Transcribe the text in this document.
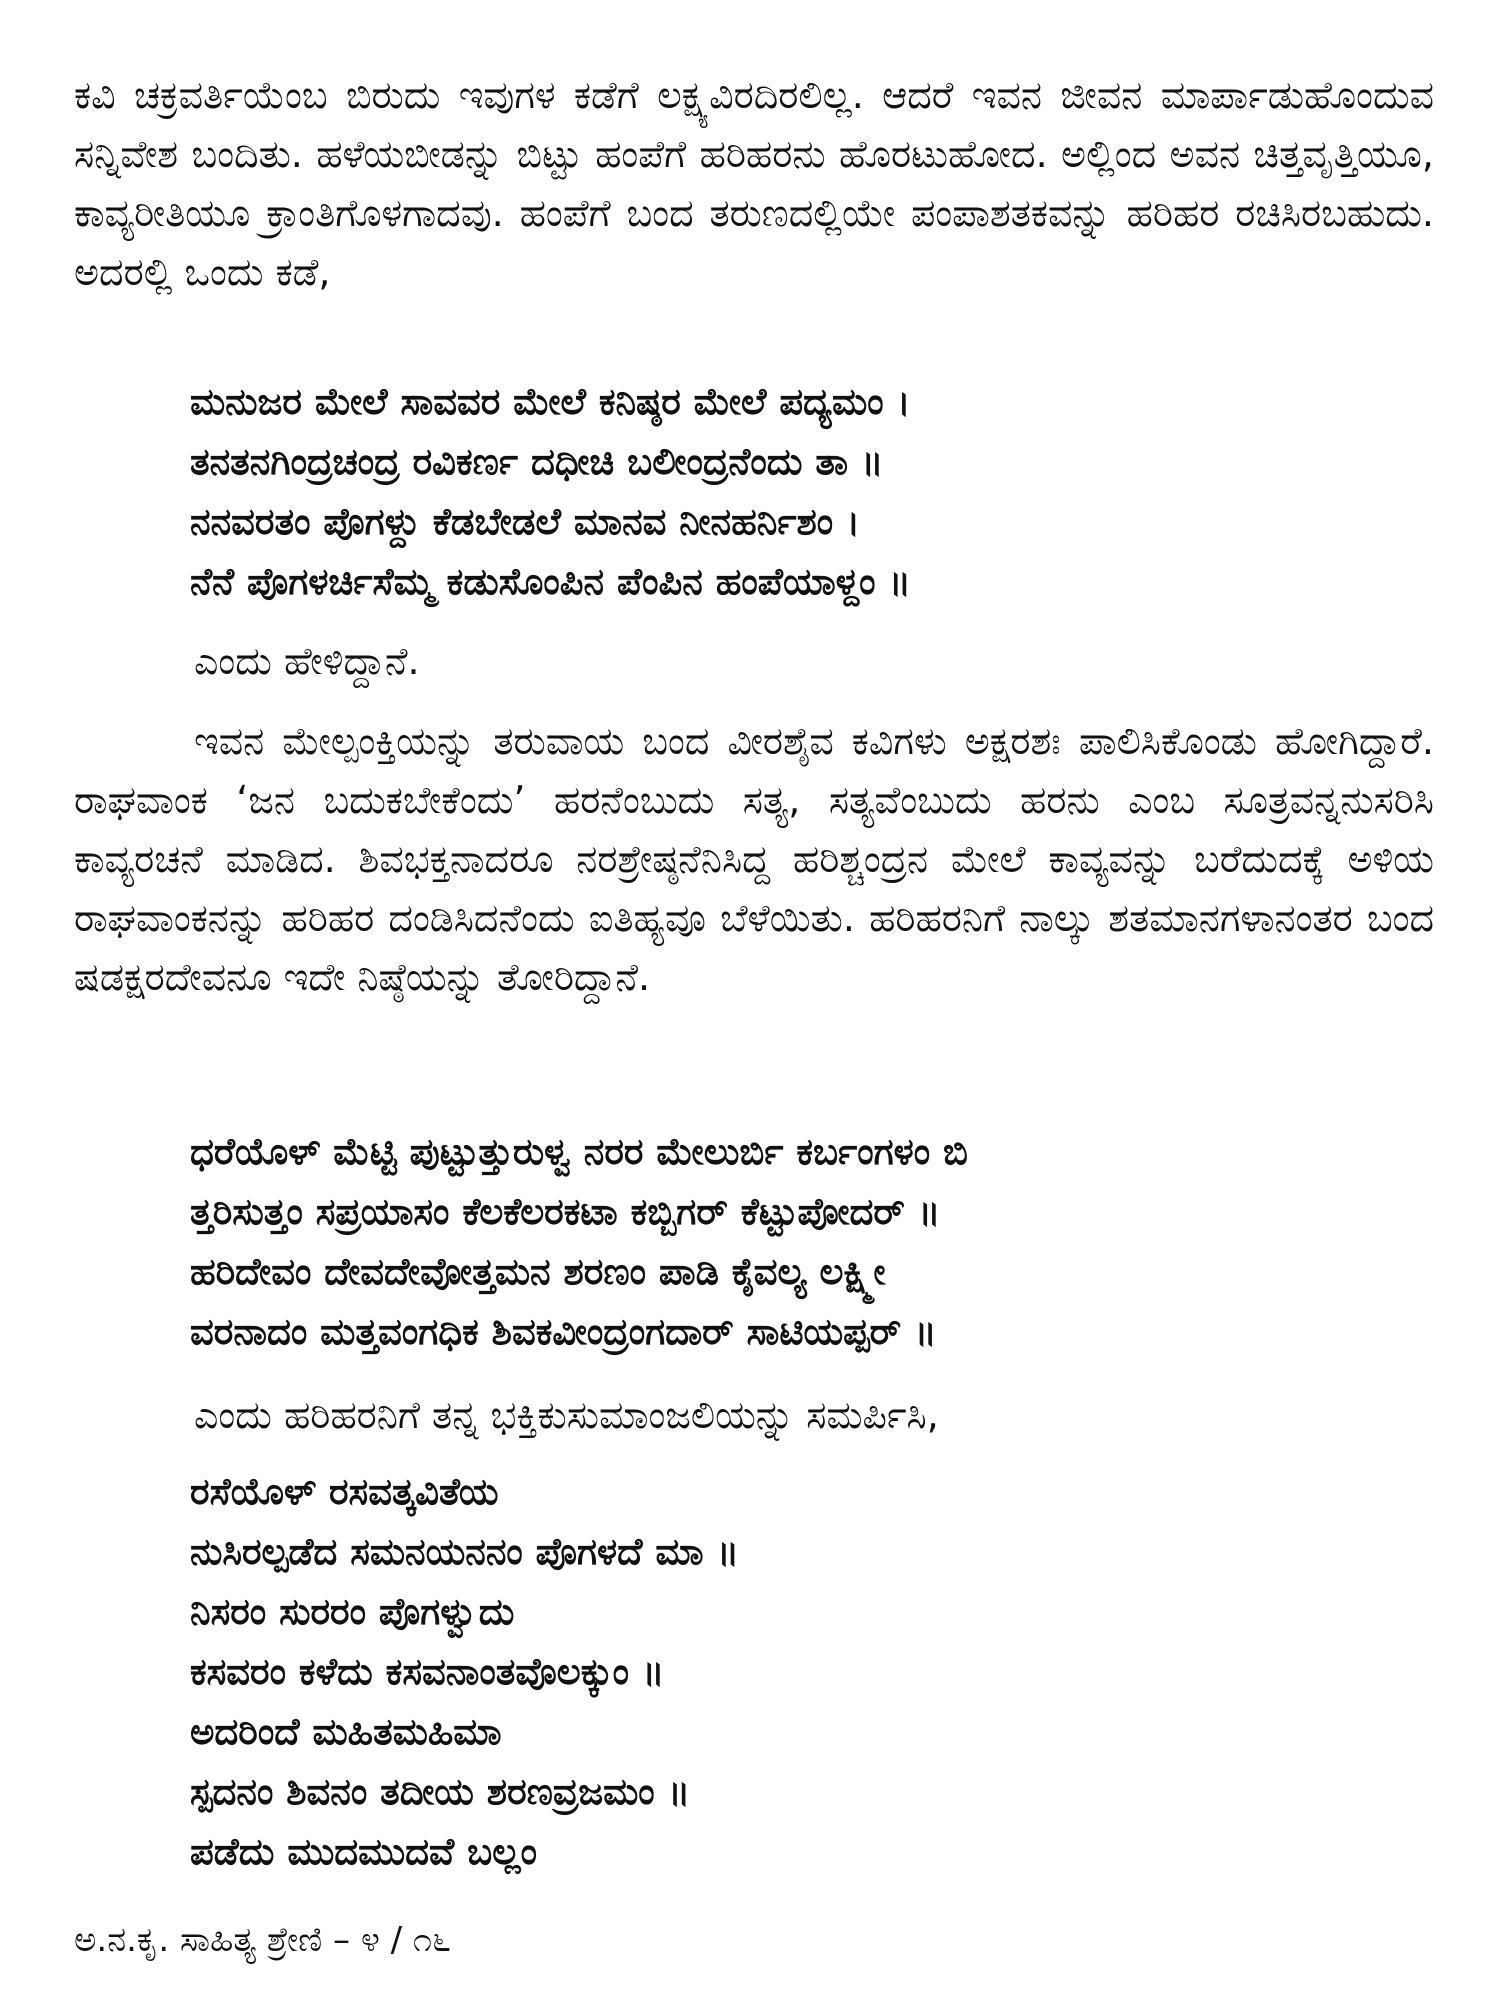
ಕವಿ ಚಕ್ರವರ್ತಿಯೆಂಬ ಬಿರುದು ಇವುಗಳ ಕಡೆಗೆ ಲಕ್ಷ್ಯವಿರದಿರಲಿಲ್ಲ. ಆದರೆ ಇವನ ಜೀವನ ಮಾರ್ಪಾಡುಹೊಂದುವ ಸನ್ನಿವೇಶ ಬಂದಿತು. ಹಳೆಯಬೀಡನ್ನು ಬಿಟ್ಟು ಹಂಪೆಗೆ ಹರಿಹರನು ಹೊರಟುಹೋದ. ಅಲ್ಲಿಂದ ಅವನ ಚಿತ್ತವೃತ್ತಿಯೂ, ಕಾವ್ಯರೀತಿಯೂ ಕ್ರಾಂತಿಗೊಳಗಾದವು. ಹಂಪೆಗೆ ಬಂದ ತರುಣದಲ್ಲಿಯೇ ಪಂಪಾಶತಕವನ್ನು ಹರಿಹರ ರಚಿಸಿರಬಹುದು. ಅದರಲ್ಲಿ ಒಂದು ಕಡೆ,

ಮನುಜರ ಮೇಲೆ ಸಾವವರ ಮೇಲೆ ಕನಿಷ್ಠರ ಮೇಲೆ ಪದ್ಯಮಂ ।
ತನತನಗಿಂದ್ರಚಂದ್ರ ರವಿಕರ್ಣ ದಧೀಚಿ ಬಲೀಂದ್ರನೆಂದು ತಾ ॥
ನನವರತಂ ಪೊಗಳ್ದು ಕೆಡಬೇಡಲೆ ಮಾನವ ನೀನಹರ್ನಿಶಂ ।
ನೆನೆ ಪೊಗಳರ್ಚಿಸೆಮ್ಮ ಕಡುಸೊಂಪಿನ ಪೆಂಪಿನ ಹಂಪೆಯಾಳ್ದಂ ॥

ಎಂದು ಹೇಳಿದ್ದಾನೆ.

ಇವನ ಮೇಲ್ಪಂಕ್ತಿಯನ್ನು ತರುವಾಯ ಬಂದ ವೀರಶೈವ ಕವಿಗಳು ಅಕ್ಷರಶಃ ಪಾಲಿಸಿಕೊಂಡು ಹೋಗಿದ್ದಾರೆ. ರಾಘವಾಂಕ ‘ಜನ ಬದುಕಬೇಕೆಂದು’ ಹರನೆಂಬುದು ಸತ್ಯ, ಸತ್ಯವೆಂಬುದು ಹರನು ಎಂಬ ಸೂತ್ರವನ್ನನುಸರಿಸಿ ಕಾವ್ಯರಚನೆ ಮಾಡಿದ. ಶಿವಭಕ್ತನಾದರೂ ನರಶ್ರೇಷ್ಠನೆನಿಸಿದ್ದ ಹರಿಶ್ಚಂದ್ರನ ಮೇಲೆ ಕಾವ್ಯವನ್ನು ಬರೆದುದಕ್ಕೆ ಅಳಿಯ ರಾಘವಾಂಕನನ್ನು ಹರಿಹರ ದಂಡಿಸಿದನೆಂದು ಐತಿಹ್ಯವೂ ಬೆಳೆಯಿತು. ಹರಿಹರನಿಗೆ ನಾಲ್ಕು ಶತಮಾನಗಳಾನಂತರ ಬಂದ ಷಡಕ್ಷರದೇವನೂ ಇದೇ ನಿಷ್ಠೆಯನ್ನು ತೋರಿದ್ದಾನೆ.

ಧರೆಯೊಳ್ ಮೆಟ್ಟಿ ಪುಟ್ಟುತ್ತುರುಳ್ವ ನರರ ಮೇಲುರ್ಬಿ ಕರ್ಬಂಗಳಂ ಬಿ
ತ್ತರಿಸುತ್ತಂ ಸಪ್ರಯಾಸಂ ಕೆಲಕೆಲರಕಟಾ ಕಬ್ಬಿಗರ್ ಕೆಟ್ಟುಪೋದರ್ ॥
ಹರಿದೇವಂ ದೇವದೇವೋತ್ತಮನ ಶರಣಂ ಪಾಡಿ ಕೈವಲ್ಯ ಲಕ್ಷ್ಮೀ
ವರನಾದಂ ಮತ್ತವಂಗಧಿಕ ಶಿವಕವೀಂದ್ರಂಗದಾರ್ ಸಾಟಿಯಪ್ಪರ್ ॥

ಎಂದು ಹರಿಹರನಿಗೆ ತನ್ನ ಭಕ್ತಿಕುಸುಮಾಂಜಲಿಯನ್ನು ಸಮರ್ಪಿಸಿ,

ರಸೆಯೊಳ್ ರಸವತ್ಕವಿತೆಯ
ನುಸಿರಲ್ಪಡೆದ ಸಮನಯನನಂ ಪೊಗಳದೆ ಮಾ ॥
ನಿಸರಂ ಸುರರಂ ಪೊಗಳ್ವುದು
ಕಸವರಂ ಕಳೆದು ಕಸವನಾಂತವೊಲಕ್ಕುಂ ॥
ಅದರಿಂದೆ ಮಹಿತಮಹಿಮಾ
ಸ್ಪದನಂ ಶಿವನಂ ತದೀಯ ಶರಣವ್ರಜಮಂ ॥
ಪಡೆದು ಮುದಮುದವೆ ಬಲ್ಲಂ
ಅ.ನ.ಕೃ. ಸಾಹಿತ್ಯ ಶ್ರೇಣಿ – ೪ / ೧೬
